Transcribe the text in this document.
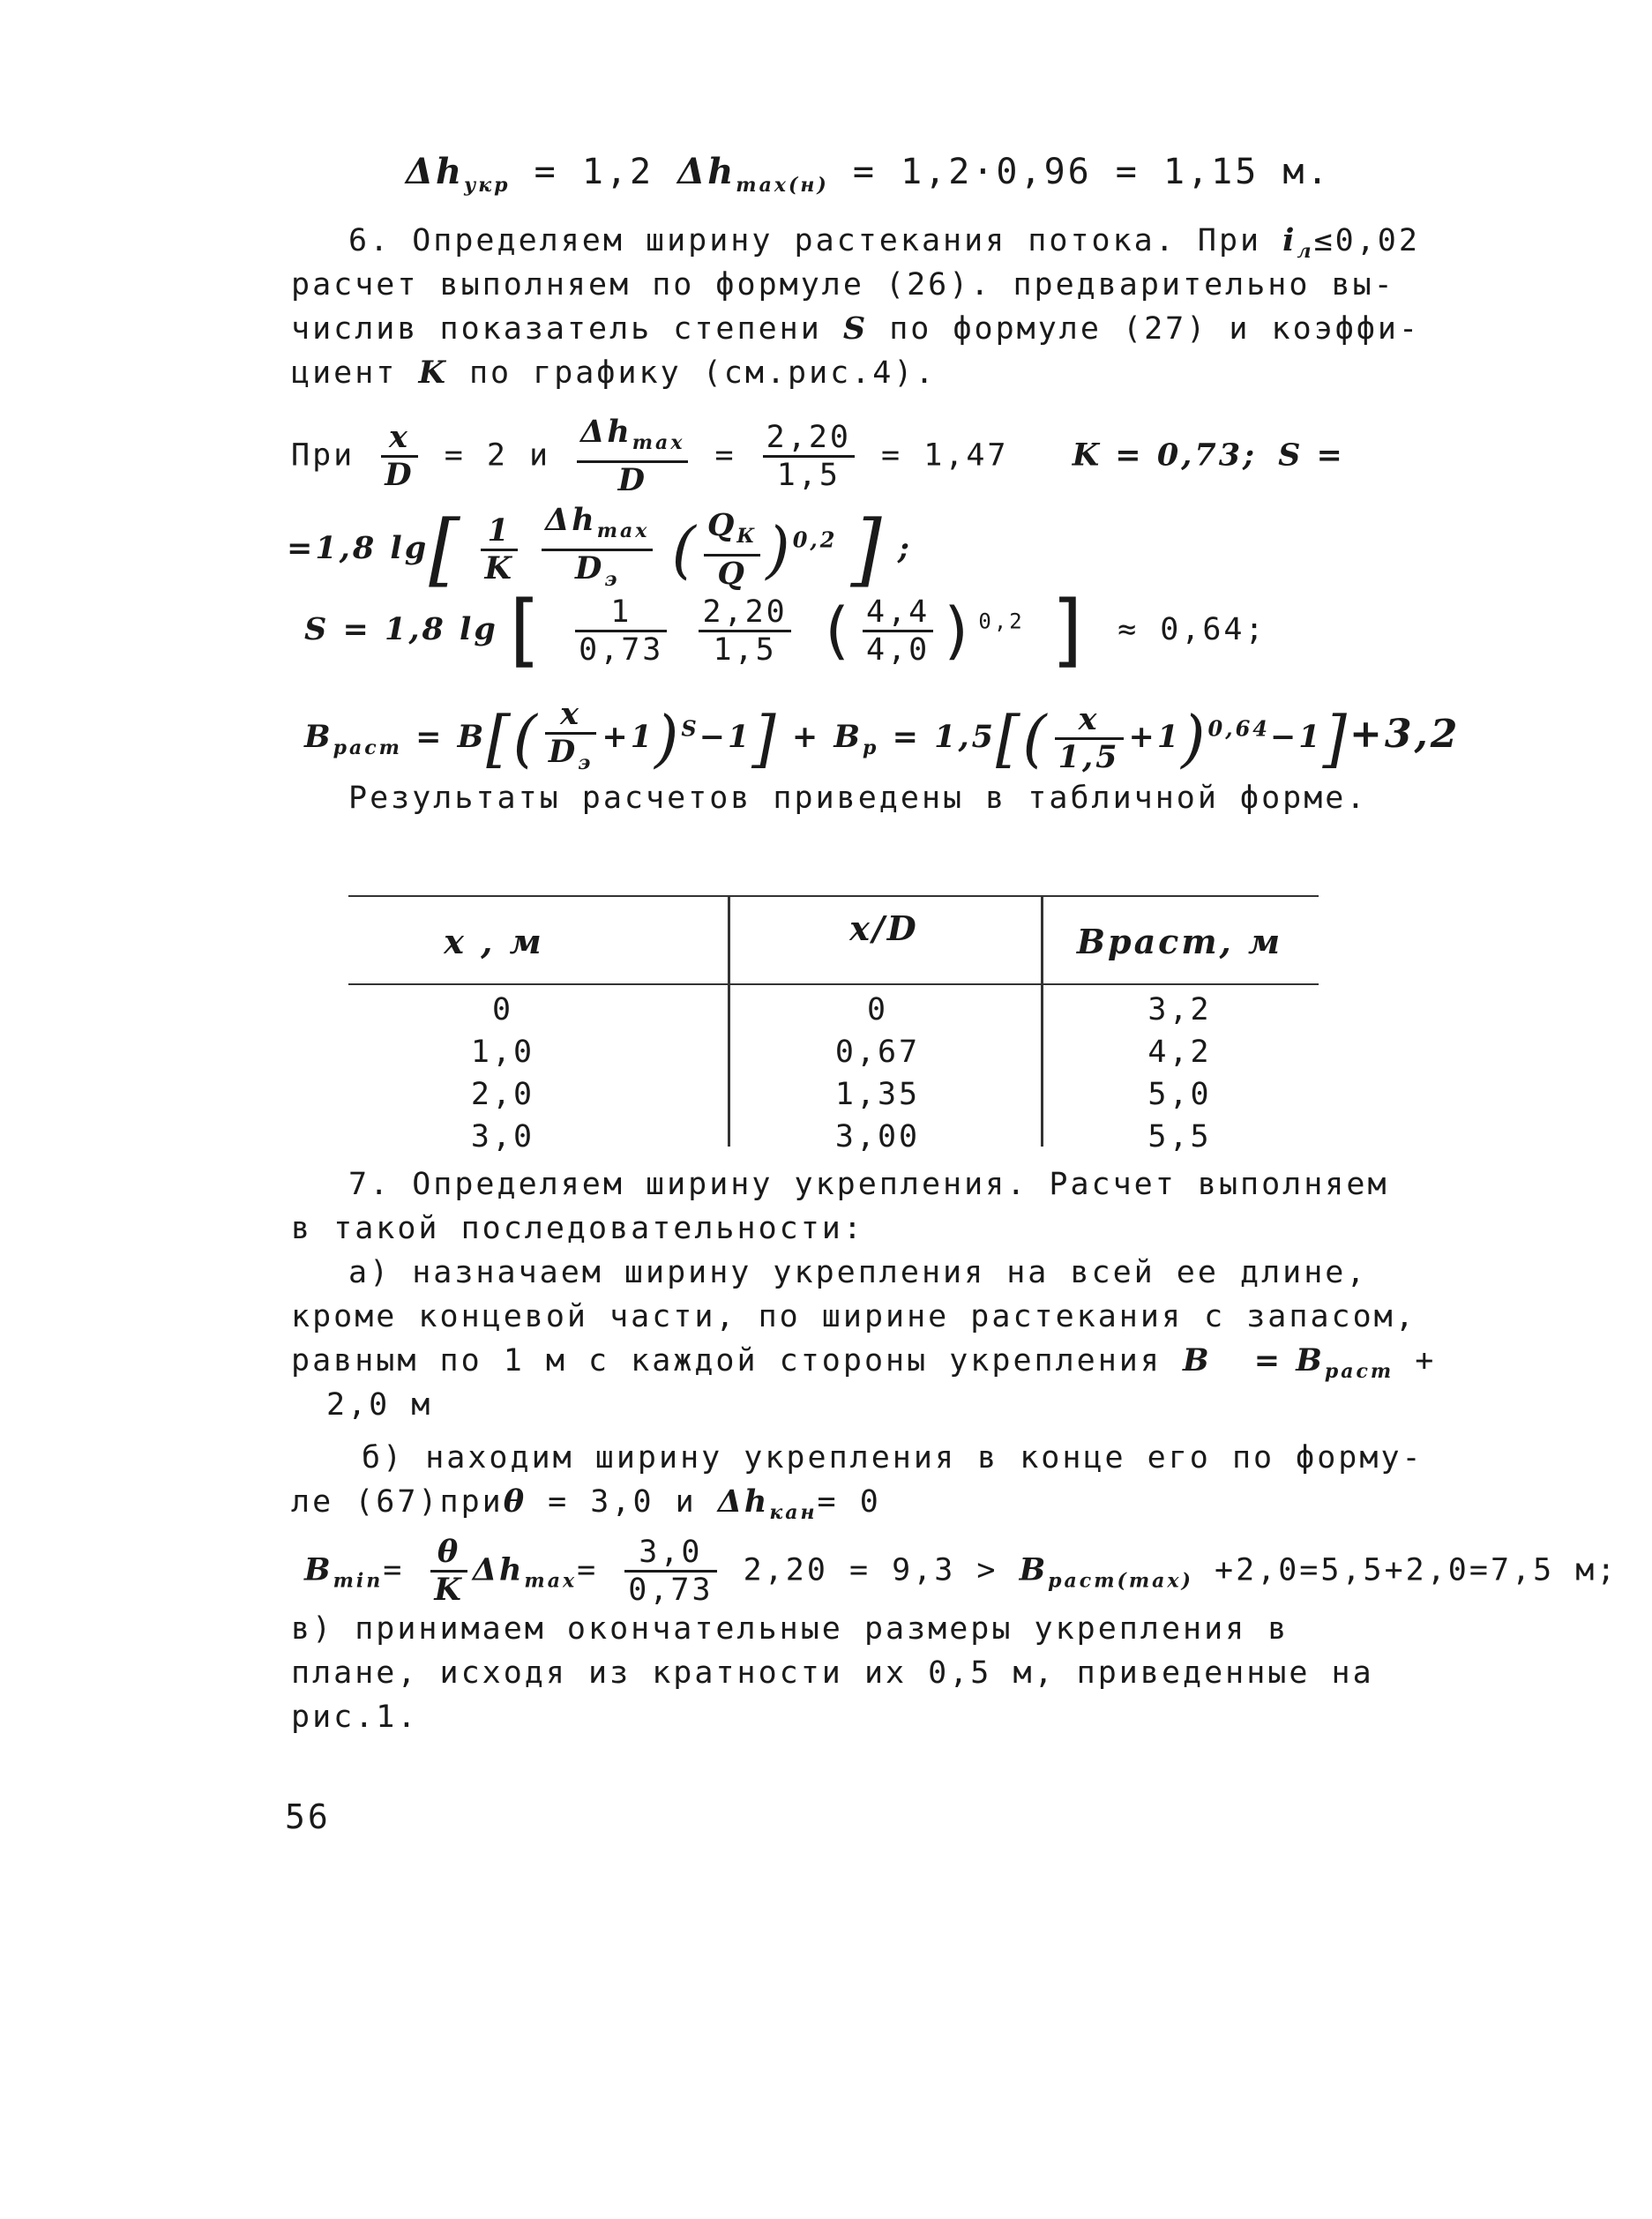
$\Delta h_{укр} = 1,2$ $\Delta h_{max(н)} = 1,2\cdot 0,96 = 1,15$ м.
6. Определяем ширину растекания потока. При $i_л\le 0,02$
расчет выполняем по формуле (26). предварительно вы-
числив показатель степени S по формуле (27) и коэффи-
циент K по графику (см.рис.4).
При $\frac{x}{D} = 2$ и $\frac{\Delta h_{max}}{D} = \frac{2,20}{1,5} = 1,47$ K = 0,73; S =
=1,8 $\lg[ \frac{1}{K}$
$\frac{\Delta h_{max}}{D_э}$ ( $\frac{Q_К}{Q} )^{0,2}$ ] ;
S = 1,8 $\lg[ \frac{1}{0,73}$
$\frac{2,20}{1,5}$ ( $\frac{4,4}{4,0} )^{0,2}$ ] ≈ 0,64;
$B_{раст} = B[( \frac{x}{D_э} +1)^S-1] + B_р = 1,5[( \frac{x}{1,5} +1)^{0,64}-1]+3,2$
Результаты расчетов приведены в табличной форме.
x , м	x/D	Bраст, м
0	0	3,2
1,0	0,67	4,2
2,0	1,35	5,0
3,0	3,00	5,5
7. Определяем ширину укрепления. Расчет выполняем
в такой последовательности:
а) назначаем ширину укрепления на всей ее длине,
кроме концевой части, по ширине растекания с запасом,
равным по 1 м с каждой стороны укрепления $B = B_{раст}$ +
2,0 м
б) находим ширину укрепления в конце его по форму-
ле (67)приθ = 3,0 и $\Delta h_{кан}= 0$
$B_{min}= \frac{\theta}{K} \Delta h_{max}= \frac{3,0}{0,73} 2,20 = 9,3 > B_{раст(max)} +2,0=5,5+2,0=7,5$ м;
в) принимаем окончательные размеры укрепления в
плане, исходя из кратности их 0,5 м, приведенные на
рис.1.
56
